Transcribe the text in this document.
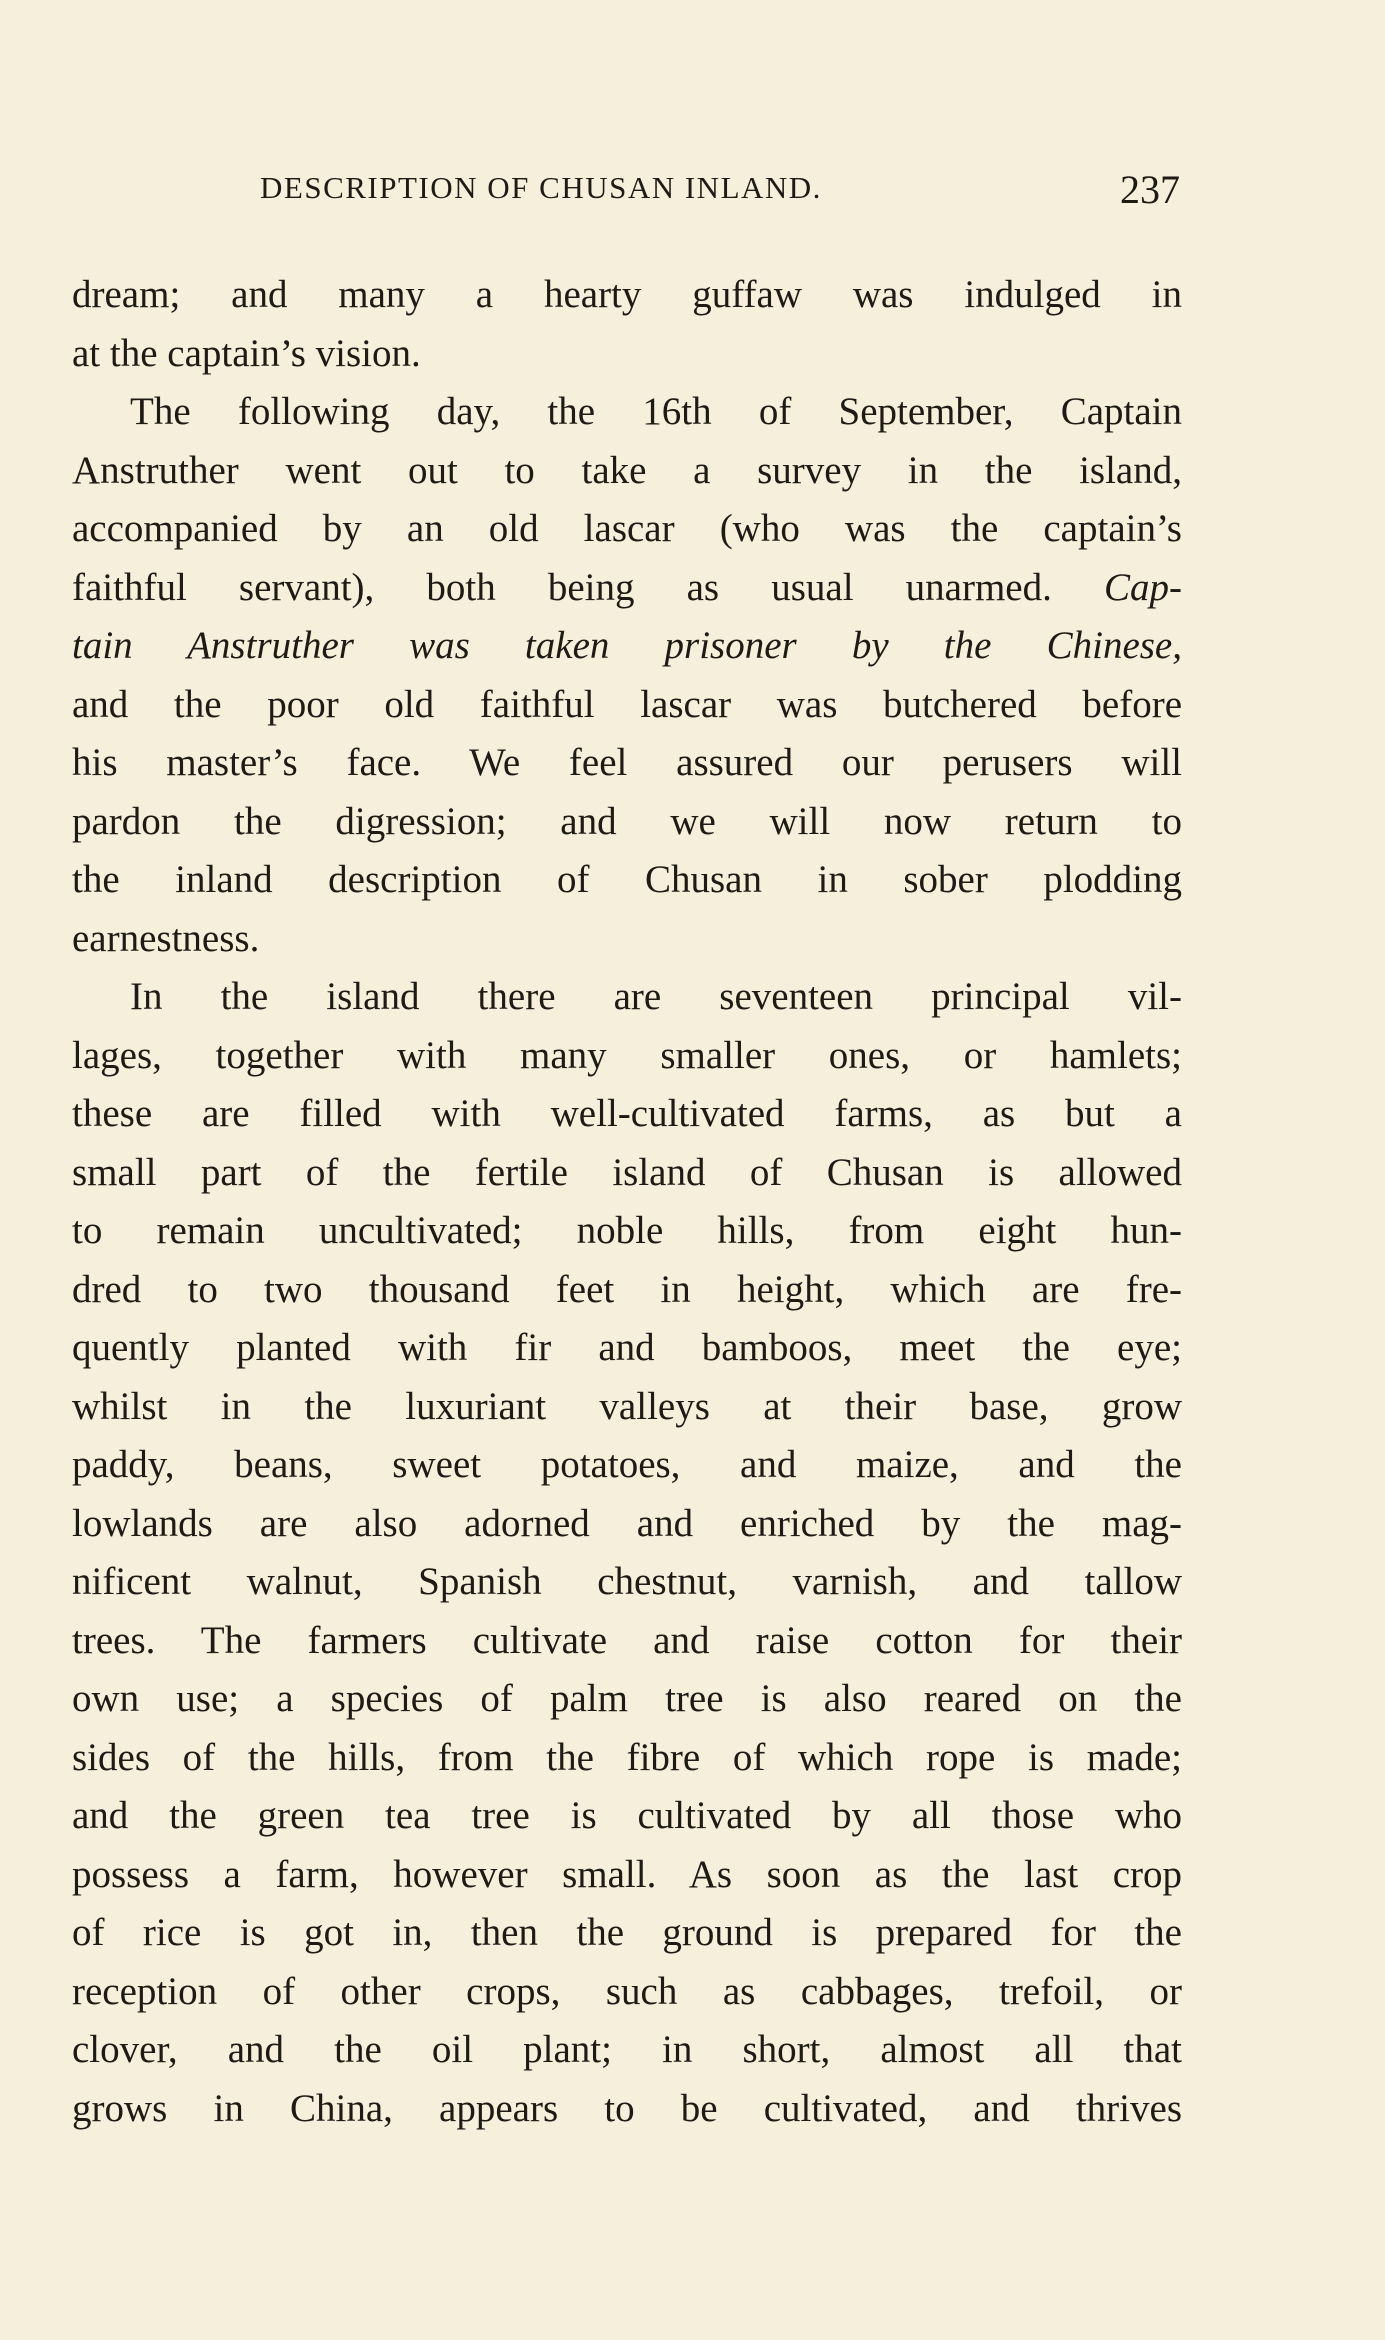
DESCRIPTION OF CHUSAN INLAND.	237
dream; and many a hearty guffaw was indulged in
at the captain’s vision.
The following day, the 16th of September, Captain
Anstruther went out to take a survey in the island,
accompanied by an old lascar (who was the captain’s
faithful servant), both being as usual unarmed. Cap-
tain Anstruther was taken prisoner by the Chinese,
and the poor old faithful lascar was butchered before
his master’s face. We feel assured our perusers will
pardon the digression; and we will now return to
the inland description of Chusan in sober plodding
earnestness.
In the island there are seventeen principal vil-
lages, together with many smaller ones, or hamlets;
these are filled with well-cultivated farms, as but a
small part of the fertile island of Chusan is allowed
to remain uncultivated; noble hills, from eight hun-
dred to two thousand feet in height, which are fre-
quently planted with fir and bamboos, meet the eye;
whilst in the luxuriant valleys at their base, grow
paddy, beans, sweet potatoes, and maize, and the
lowlands are also adorned and enriched by the mag-
nificent walnut, Spanish chestnut, varnish, and tallow
trees. The farmers cultivate and raise cotton for their
own use; a species of palm tree is also reared on the
sides of the hills, from the fibre of which rope is made;
and the green tea tree is cultivated by all those who
possess a farm, however small. As soon as the last crop
of rice is got in, then the ground is prepared for the
reception of other crops, such as cabbages, trefoil, or
clover, and the oil plant; in short, almost all that
grows in China, appears to be cultivated, and thrives
